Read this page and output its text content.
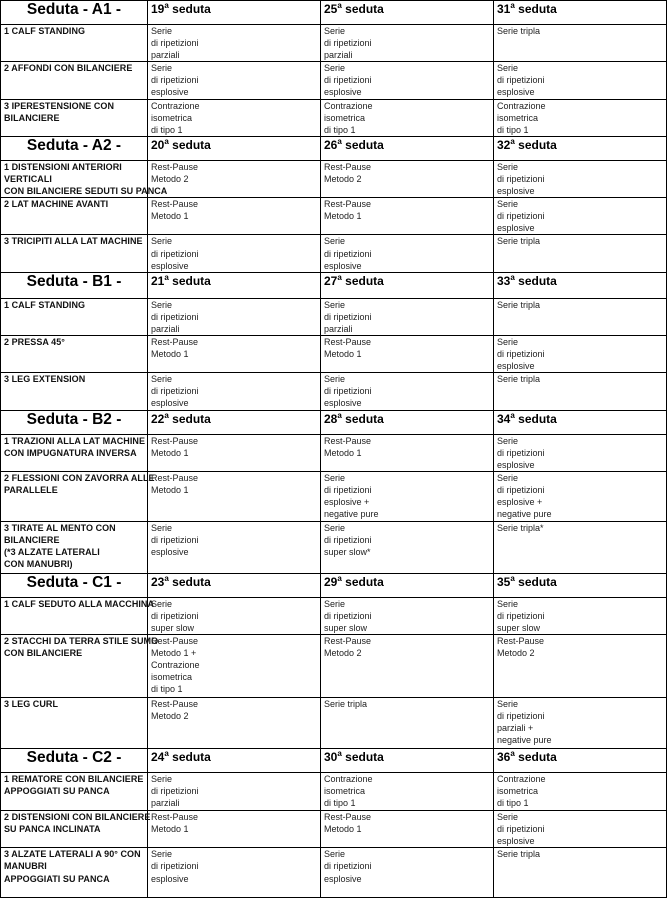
Seduta - A1 -	19$^a$ seduta	25$^a$ seduta	31$^a$ seduta

1 CALF STANDING	Serie
di ripetizioni
parziali	Serie
di ripetizioni
parziali	Serie tripla

2 AFFONDI CON BILANCIERE	Serie
di ripetizioni
esplosive	Serie
di ripetizioni
esplosive	Serie
di ripetizioni
esplosive

3 IPERESTENSIONE CON
BILANCIERE	Contrazione
isometrica
di tipo 1	Contrazione
isometrica
di tipo 1	Contrazione
isometrica
di tipo 1

Seduta - A2 -	20$^a$ seduta	26$^a$ seduta	32$^a$ seduta

1 DISTENSIONI ANTERIORI
VERTICALI
CON BILANCIERE SEDUTI SU PANCA	Rest-Pause
Metodo 2	Rest-Pause
Metodo 2	Serie
di ripetizioni
esplosive

2 LAT MACHINE AVANTI	Rest-Pause
Metodo 1	Rest-Pause
Metodo 1	Serie
di ripetizioni
esplosive

3 TRICIPITI ALLA LAT MACHINE	Serie
di ripetizioni
esplosive	Serie
di ripetizioni
esplosive	Serie tripla

Seduta - B1 -	21$^a$ seduta	27$^a$ seduta	33$^a$ seduta

1 CALF STANDING	Serie
di ripetizioni
parziali	Serie
di ripetizioni
parziali	Serie tripla

2 PRESSA 45°	Rest-Pause
Metodo 1	Rest-Pause
Metodo 1	Serie
di ripetizioni
esplosive

3 LEG EXTENSION	Serie
di ripetizioni
esplosive	Serie
di ripetizioni
esplosive	Serie tripla

Seduta - B2 -	22$^a$ seduta	28$^a$ seduta	34$^a$ seduta

1 TRAZIONI ALLA LAT MACHINE
CON IMPUGNATURA INVERSA	Rest-Pause
Metodo 1	Rest-Pause
Metodo 1	Serie
di ripetizioni
esplosive

2 FLESSIONI CON ZAVORRA ALLE
PARALLELE	Rest-Pause
Metodo 1	Serie
di ripetizioni
esplosive +
negative pure	Serie
di ripetizioni
esplosive +
negative pure

3 TIRATE AL MENTO CON
BILANCIERE
(*3 ALZATE LATERALI
CON MANUBRI)	Serie
di ripetizioni
esplosive	Serie
di ripetizioni
super slow*	Serie tripla*

Seduta - C1 -	23$^a$ seduta	29$^a$ seduta	35$^a$ seduta

1 CALF SEDUTO ALLA MACCHINA	Serie
di ripetizioni
super slow	Serie
di ripetizioni
super slow	Serie
di ripetizioni
super slow

2 STACCHI DA TERRA STILE SUMO
CON BILANCIERE	Rest-Pause
Metodo 1 +
Contrazione
isometrica
di tipo 1	Rest-Pause
Metodo 2	Rest-Pause
Metodo 2

3 LEG CURL	Rest-Pause
Metodo 2	Serie tripla	Serie
di ripetizioni
parziali +
negative pure

Seduta - C2 -	24$^a$ seduta	30$^a$ seduta	36$^a$ seduta

1 REMATORE CON BILANCIERE
APPOGGIATI SU PANCA	Serie
di ripetizioni
parziali	Contrazione
isometrica
di tipo 1	Contrazione
isometrica
di tipo 1

2 DISTENSIONI CON BILANCIERE
SU PANCA INCLINATA	Rest-Pause
Metodo 1	Rest-Pause
Metodo 1	Serie
di ripetizioni
esplosive

3 ALZATE LATERALI A 90° CON
MANUBRI
APPOGGIATI SU PANCA	Serie
di ripetizioni
esplosive	Serie
di ripetizioni
esplosive	Serie tripla
